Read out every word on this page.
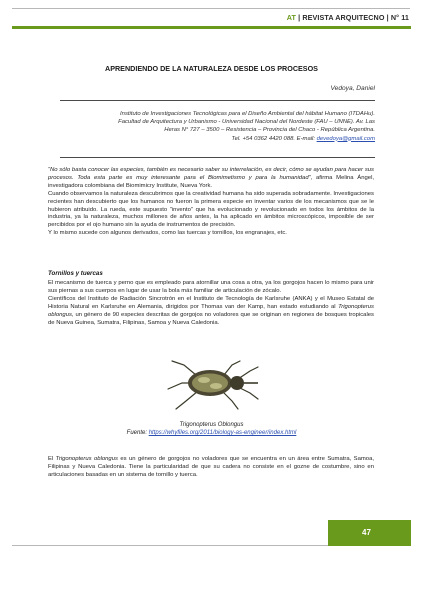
AT | REVISTA ARQUITECNO | N° 11
APRENDIENDO DE LA NATURALEZA DESDE LOS PROCESOS
Vedoya, Daniel

Instituto de Investigaciones Tecnológicas para el Diseño Ambiental del hábitat Humano (ITDAHu).

Facultad de Arquitectura y Urbanismo - Universidad Nacional del Nordeste (FAU – UNNE). Av. Las

Heras N° 727 – 3500 – Resistencia – Provincia del Chaco - República Argentina.

Tel. +54 0362 4420 088. E-mail: devedoya@gmail.com

“No sólo basta conocer las especies, también es necesario saber su interrelación, es decir, cómo se ayudan para hacer sus procesos. Toda esta parte es muy interesante para el Biomimetismo y para la humanidad”, afirma Melina Ángel, investigadora colombiana del Biomimicry Institute, Nueva York.

Cuando observamos la naturaleza descubrimos que la creatividad humana ha sido superada sobradamente. Investigaciones recientes han descubierto que los humanos no fueron la primera especie en inventar varios de los mecanismos que se le hubieron atribuido. La rueda, este supuesto “invento” que ha evolucionado y revolucionado en todos los ámbitos de la industria, ya la naturaleza, muchos millones de años antes, la ha aplicado en ámbitos microscópicos, imposible de ser percibidos por el ojo humano sin la ayuda de instrumentos de precisión.

Y lo mismo sucede con algunos derivados, como las tuercas y tornillos, los engranajes, etc.

Tornillos y tuercas

El mecanismo de tuerca y perno que es empleado para atornillar una cosa a otra, ya los gorgojos hacen lo mismo para unir sus piernas a sus cuerpos en lugar de usar la bola más familiar de articulación de zócalo.

Científicos del Instituto de Radiación Sincrotrón en el Instituto de Tecnología de Karlsruhe (ANKA) y el Museo Estatal de Historia Natural en Karlsruhe en Alemania, dirigidos por Thomas van der Kamp, han estado estudiando al Trigonopterus oblongus, un género de 90 especies descritas de gorgojos no voladores que se originan en regiones de bosques tropicales de Nueva Guinea, Sumatra, Filipinas, Samoa y Nueva Caledonia.

Trigonopterus Oblongus
Fuente: https://whyfiles.org/2011/biology-as-engineer/index.html

El Trigonopterus oblongus es un género de gorgojos no voladores que se encuentra en un área entre Sumatra, Samoa, Filipinas y Nueva Caledonia. Tiene la particularidad de que su cadera no consiste en el gozne de costumbre, sino en articulaciones basadas en un sistema de tornillo y tuerca.

47
